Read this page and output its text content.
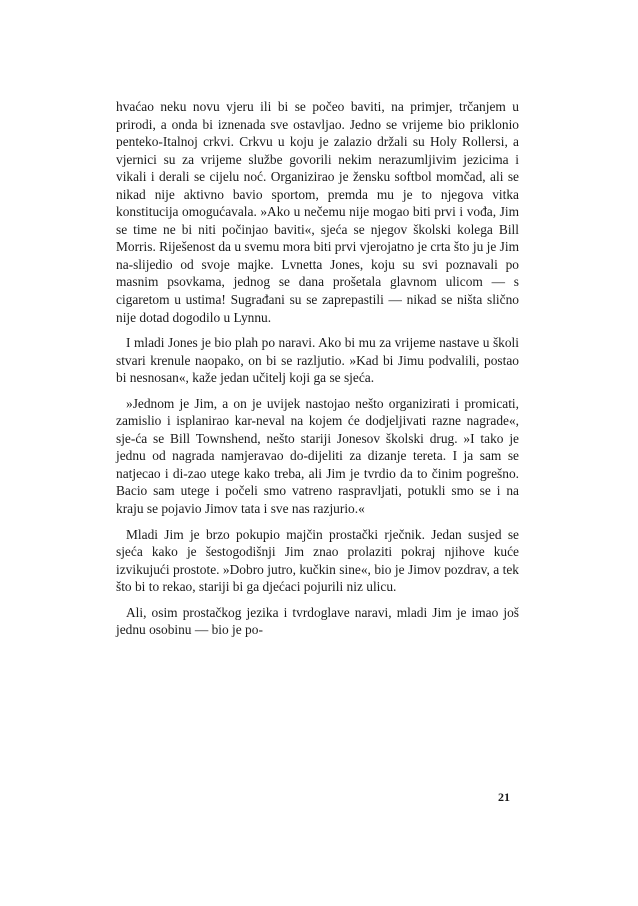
hvaćao neku novu vjeru ili bi se počeo baviti, na primjer, trčanjem u prirodi, a onda bi iznenada sve ostavljao. Jedno se vrijeme bio priklonio penteko-Italnoj crkvi. Crkvu u koju je zalazio držali su Holy Rollersi, a vjernici su za vrijeme službe govorili nekim nerazumljivim jezicima i vikali i derali se cijelu noć. Organizirao je žensku softbol momčad, ali se nikad nije aktivno bavio sportom, premda mu je to njegova vitka konstitucija omogućavala. »Ako u nečemu nije mogao biti prvi i vođa, Jim se time ne bi niti počinjao baviti«, sjeća se njegov školski kolega Bill Morris. Riješenost da u svemu mora biti prvi vjerojatno je crta što ju je Jim na-slijedio od svoje majke. Lvnetta Jones, koju su svi poznavali po masnim psovkama, jednog se dana prošetala glavnom ulicom — s cigaretom u ustima! Sugrađani su se zaprepastili — nikad se ništa slično nije dotad dogodilo u Lynnu.

I mladi Jones je bio plah po naravi. Ako bi mu za vrijeme nastave u školi stvari krenule naopako, on bi se razljutio. »Kad bi Jimu podvalili, postao bi nesnosan«, kaže jedan učitelj koji ga se sjeća.

»Jednom je Jim, a on je uvijek nastojao nešto organizirati i promicati, zamislio i isplanirao kar-neval na kojem će dodjeljivati razne nagrade«, sje-ća se Bill Townshend, nešto stariji Jonesov školski drug. »I tako je jednu od nagrada namjeravao do-dijeliti za dizanje tereta. I ja sam se natjecao i di-zao utege kako treba, ali Jim je tvrdio da to činim pogrešno. Bacio sam utege i počeli smo vatreno raspravljati, potukli smo se i na kraju se pojavio Jimov tata i sve nas razjurio.«

Mladi Jim je brzo pokupio majčin prostački rječnik. Jedan susjed se sjeća kako je šestogodišnji Jim znao prolaziti pokraj njihove kuće izvikujući prostote. »Dobro jutro, kučkin sine«, bio je Jimov pozdrav, a tek što bi to rekao, stariji bi ga djećaci pojurili niz ulicu.

Ali, osim prostačkog jezika i tvrdoglave naravi, mladi Jim je imao još jednu osobinu — bio je po-

21
